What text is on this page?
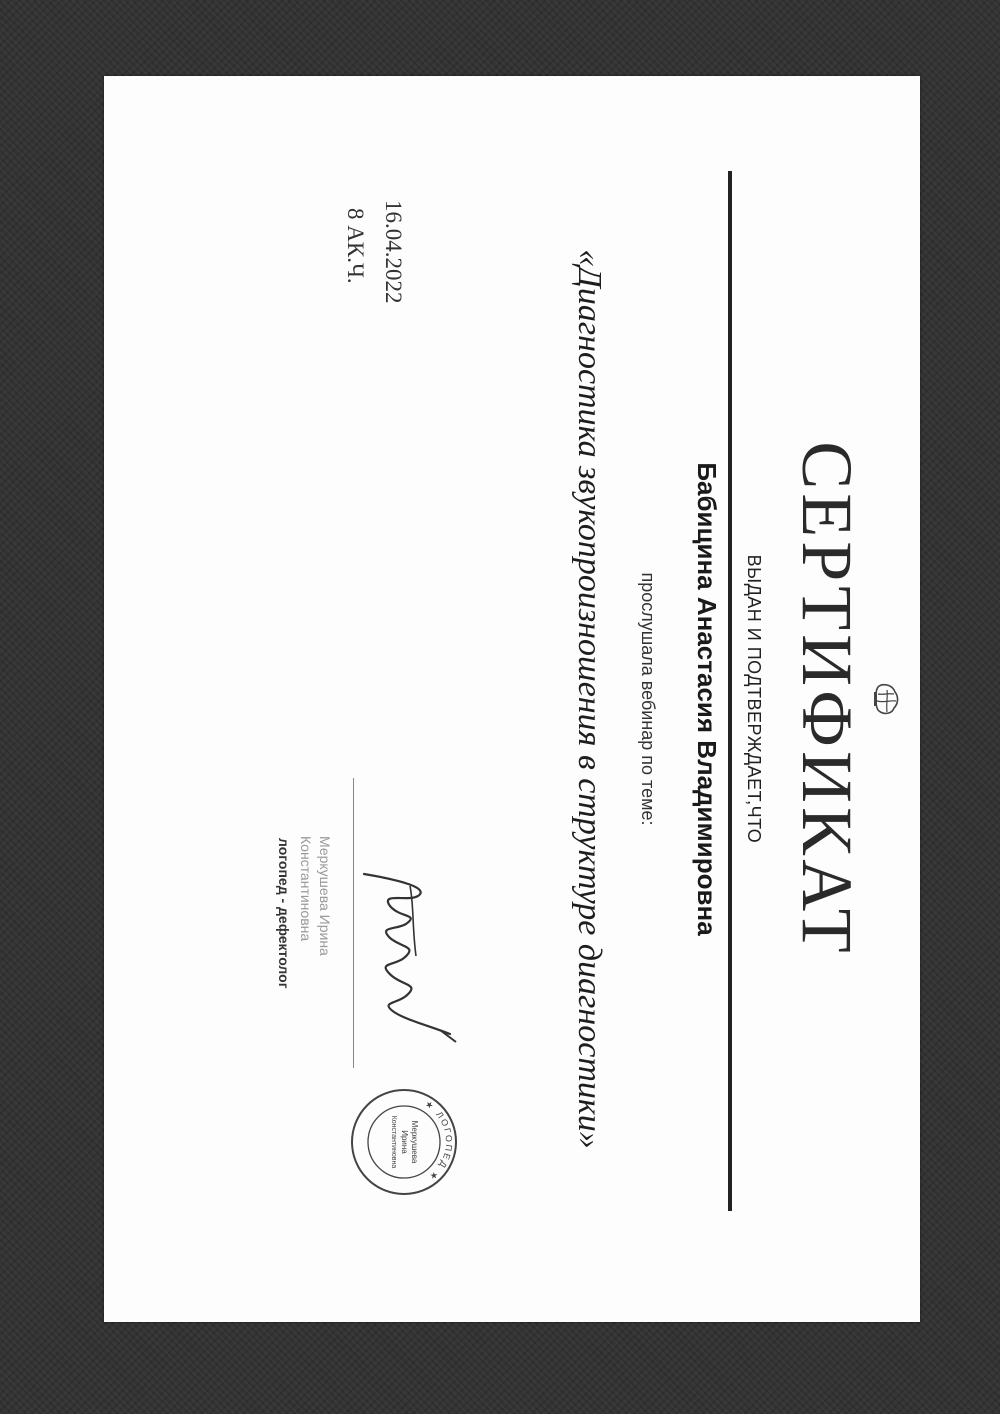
СЕРТИФИКАТ
ВЫДАН И ПОДТВЕРЖДАЕТ,ЧТО
Бабицина Анастасия Владимировна
прослушала вебинар по теме:
«Диагностика звукопроизношения в структуре диагностики»
16.04.2022
8 АК.Ч.
Меркушева Ирина Константиновна
логопед - дефектолог
★ ЛОГОПЕД ★
Меркушева
Ирина
Константиновна
